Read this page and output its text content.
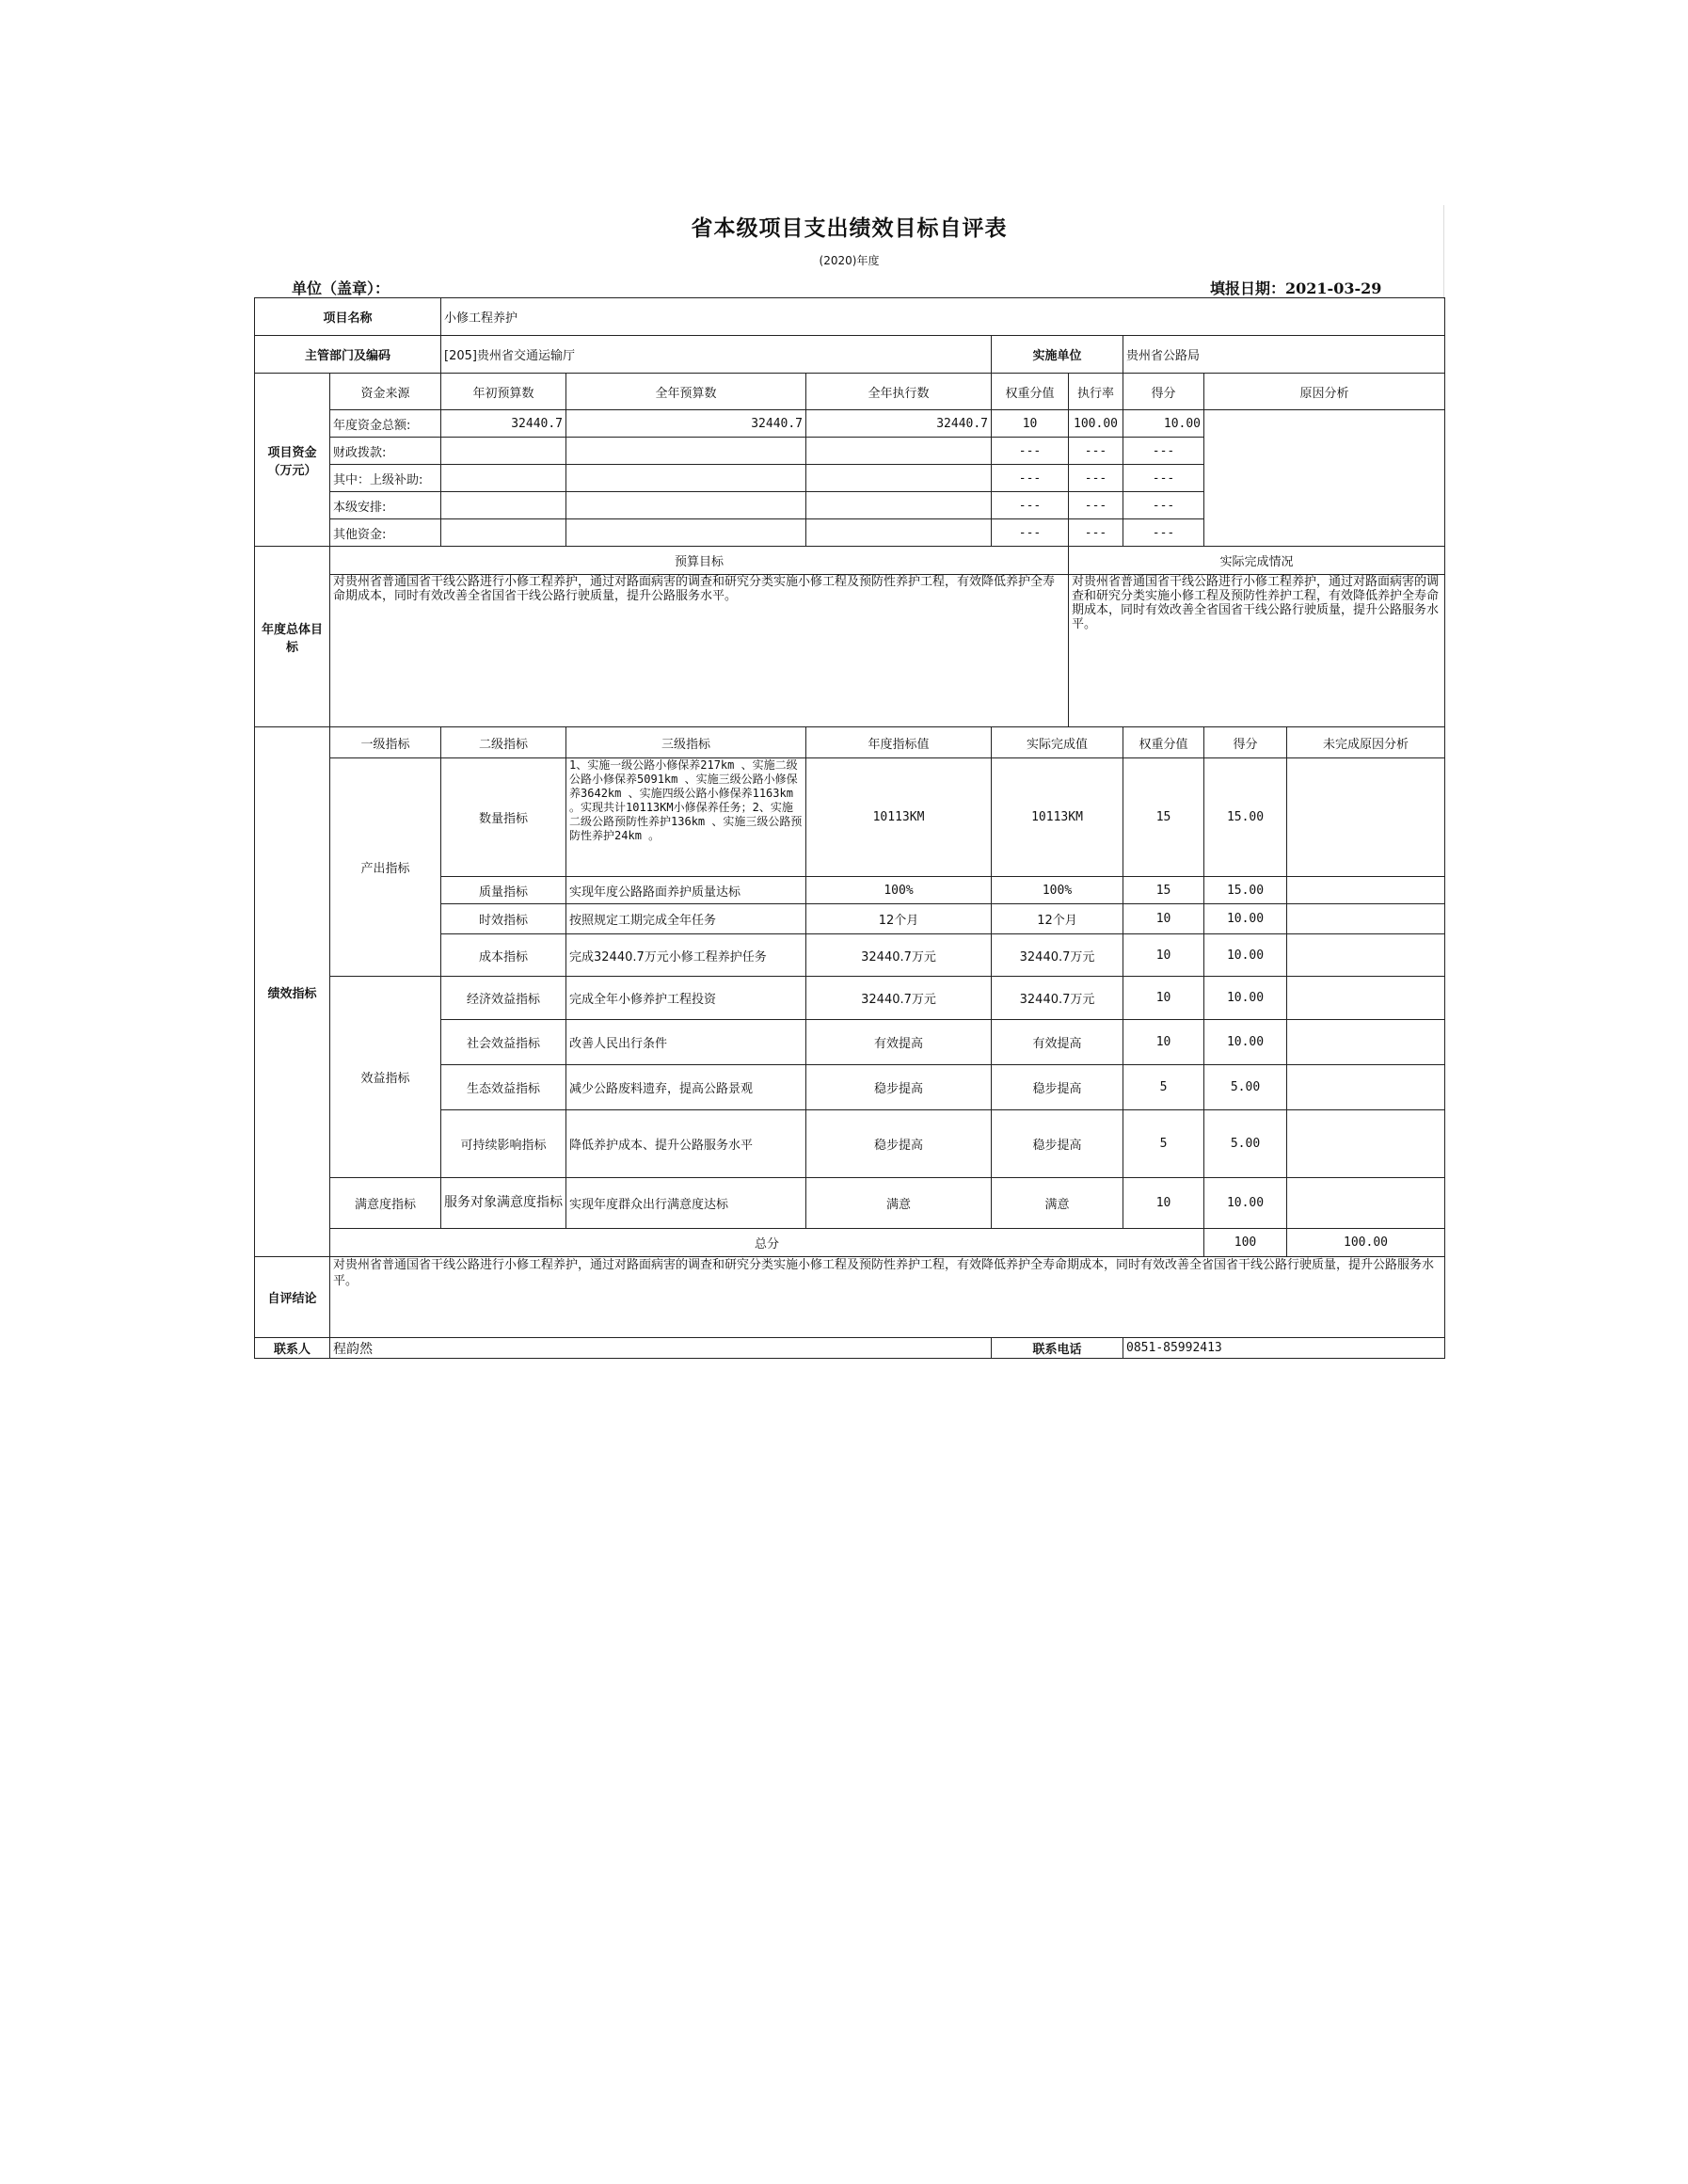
省本级项目支出绩效目标自评表
(2020)年度
单位（盖章）：	填报日期：2021-03-29
项目名称		小修工程养护								
主管部门及编码		[205]贵州省交通运输厅			实施单位		贵州省公路局			
项目资金（万元）	资金来源	年初预算数	全年预算数	全年执行数	权重分值	执行率	得分	原因分析		
	年度资金总额:	32440.7	32440.7	32440.7	10	100.00	10.00			
	财政拨款:				---	---	---			
	其中：上级补助:				---	---	---			
	本级安排:				---	---	---			
	其他资金:				---	---	---			
年度总体目标	预算目标					实际完成情况				
	对贵州省普通国省干线公路进行小修工程养护，通过对路面病害的调查和研究分类实施小修工程及预防性养护工程，有效降低养护全寿命期成本，同时有效改善全省国省干线公路行驶质量，提升公路服务水平。					对贵州省普通国省干线公路进行小修工程养护，通过对路面病害的调查和研究分类实施小修工程及预防性养护工程，有效降低养护全寿命期成本，同时有效改善全省国省干线公路行驶质量，提升公路服务水平。				
绩效指标	一级指标	二级指标	三级指标	年度指标值	实际完成值		权重分值	得分	未完成原因分析	
	产出指标	数量指标	1、实施一级公路小修保养217km 、实施二级公路小修保养5091km 、实施三级公路小修保养3642km 、实施四级公路小修保养1163km 。实现共计10113KM小修保养任务；2、实施二级公路预防性养护136km 、实施三级公路预防性养护24km 。	10113KM	10113KM		15	15.00		
		质量指标	实现年度公路路面养护质量达标	100%	100%		15	15.00		
		时效指标	按照规定工期完成全年任务	12个月	12个月		10	10.00		
		成本指标	完成32440.7万元小修工程养护任务	32440.7万元	32440.7万元		10	10.00		
	效益指标	经济效益指标	完成全年小修养护工程投资	32440.7万元	32440.7万元		10	10.00		
		社会效益指标	改善人民出行条件	有效提高	有效提高		10	10.00		
		生态效益指标	减少公路废料遗弃，提高公路景观	稳步提高	稳步提高		5	5.00		
		可持续影响指标	降低养护成本、提升公路服务水平	稳步提高	稳步提高		5	5.00		
	满意度指标	服务对象满意度指标	实现年度群众出行满意度达标	满意	满意		10	10.00		
	总分							100	100.00	
自评结论	对贵州省普通国省干线公路进行小修工程养护，通过对路面病害的调查和研究分类实施小修工程及预防性养护工程，有效降低养护全寿命期成本，同时有效改善全省国省干线公路行驶质量，提升公路服务水平。									
联系人	程韵然				联系电话		0851-85992413			
